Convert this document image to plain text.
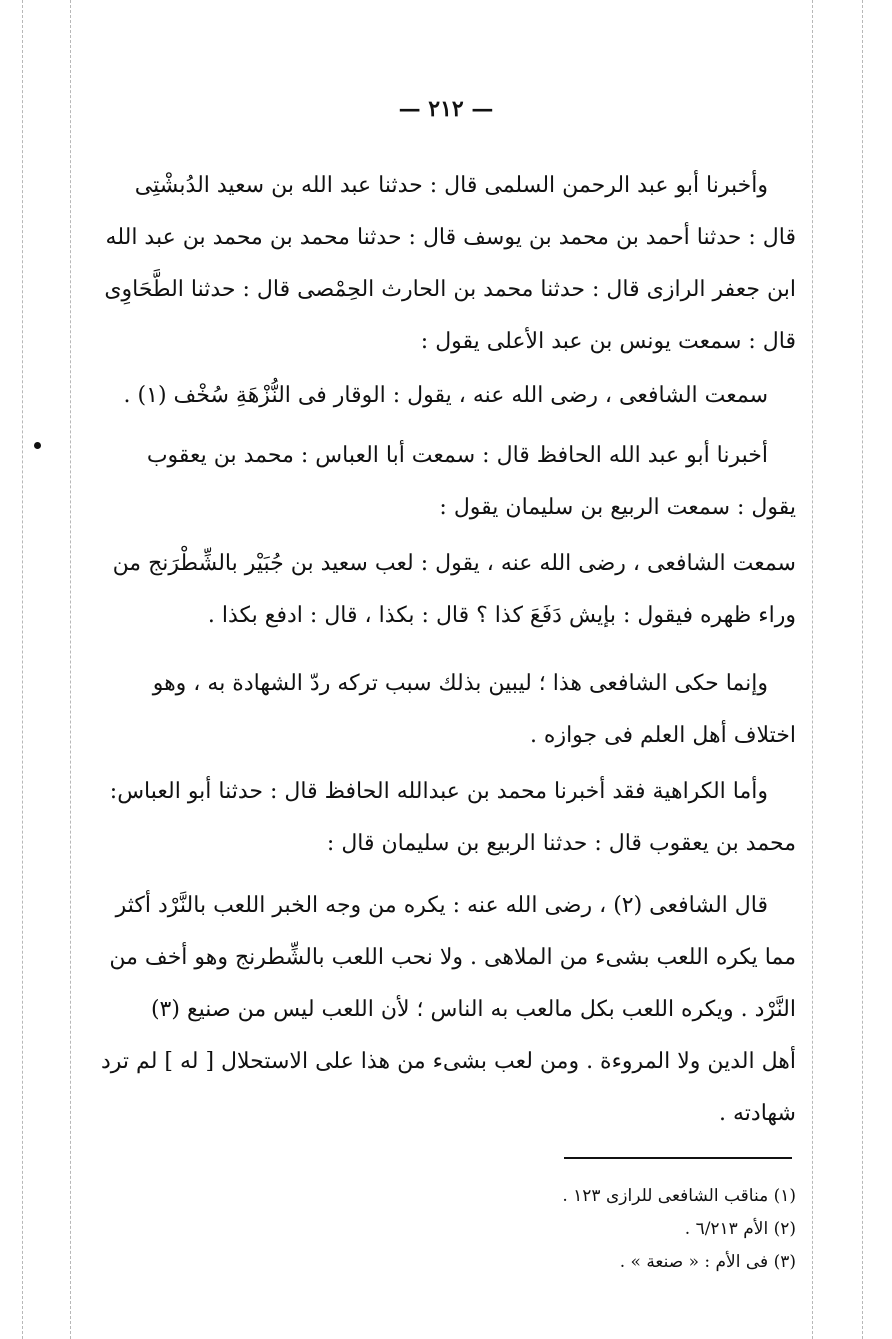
— ٢١٢ —
وأخبرنا أبو عبد الرحمن السلمى قال : حدثنا عبد الله بن سعيد الدُبشْتِى
قال : حدثنا أحمد بن محمد بن يوسف قال : حدثنا محمد بن محمد بن عبد الله
ابن جعفر الرازى قال : حدثنا محمد بن الحارث الحِمْصى قال : حدثنا الطَّحَاوِى
قال : سمعت يونس بن عبد الأعلى يقول :
سمعت الشافعى ، رضى الله عنه ، يقول : الوقار فى النُّزْهَةِ سُخْف (١) .
أخبرنا أبو عبد الله الحافظ قال : سمعت أبا العباس : محمد بن يعقوب
يقول : سمعت الربيع بن سليمان يقول :
سمعت الشافعى ، رضى الله عنه ، يقول : لعب سعيد بن جُبَيْر بالشِّطْرَنج من
وراء ظهره فيقول : بإيش دَفَعَ كذا ؟ قال : بكذا ، قال : ادفع بكذا .
وإنما حكى الشافعى هذا ؛ ليبين بذلك سبب تركه ردّ الشهادة به ، وهو
اختلاف أهل العلم فى جوازه .
وأما الكراهية فقد أخبرنا محمد بن عبدالله الحافظ قال : حدثنا أبو العباس:
محمد بن يعقوب قال : حدثنا الربيع بن سليمان قال :
قال الشافعى (٢) ، رضى الله عنه : يكره من وجه الخبر اللعب بالنَّرْد أكثر
مما يكره اللعب بشىء من الملاهى . ولا نحب اللعب بالشِّطرنج وهو أخف من
النَّرْد . ويكره اللعب بكل مالعب به الناس ؛ لأن اللعب ليس من صنيع (٣)
أهل الدين ولا المروءة . ومن لعب بشىء من هذا على الاستحلال [ له ] لم ترد
شهادته .
(١) مناقب الشافعى للرازى ١٢٣ .
(٢) الأم ٦/٢١٣ .
(٣) فى الأم : « صنعة » .
